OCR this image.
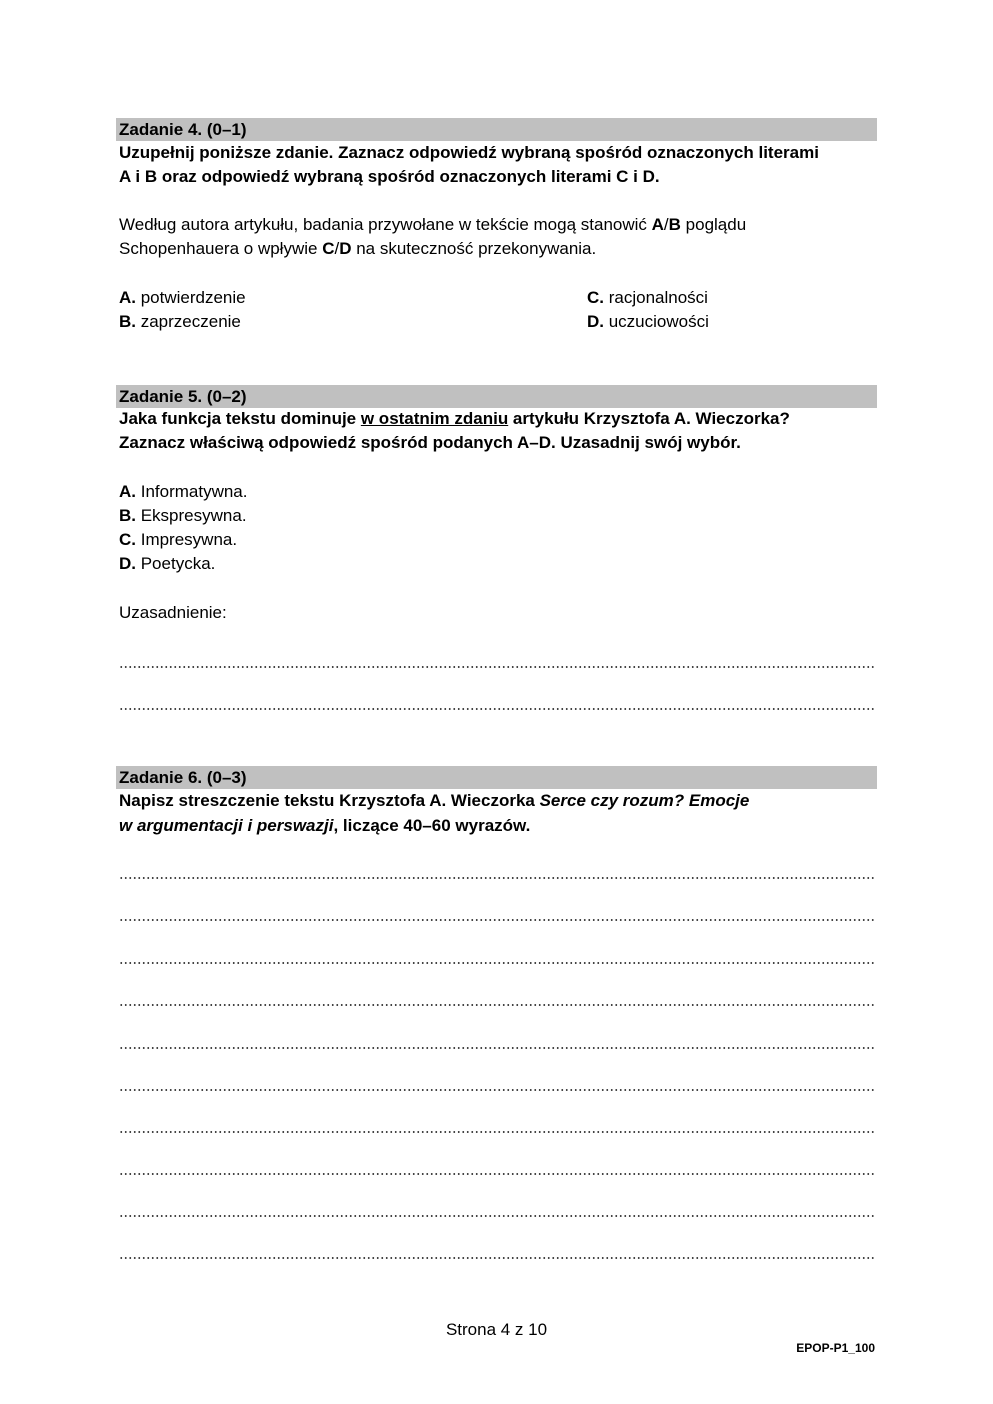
Zadanie 4. (0–1)
Uzupełnij poniższe zdanie. Zaznacz odpowiedź wybraną spośród oznaczonych literami
A i B oraz odpowiedź wybraną spośród oznaczonych literami C i D.
Według autora artykułu, badania przywołane w tekście mogą stanowić A/B poglądu
Schopenhauera o wpływie C/D na skuteczność przekonywania.
A. potwierdzenie
B. zaprzeczenie
C. racjonalności
D. uczuciowości
Zadanie 5. (0–2)
Jaka funkcja tekstu dominuje w ostatnim zdaniu artykułu Krzysztofa A. Wieczorka?
Zaznacz właściwą odpowiedź spośród podanych A–D. Uzasadnij swój wybór.
A. Informatywna.
B. Ekspresywna.
C. Impresywna.
D. Poetycka.
Uzasadnienie:
Zadanie 6. (0–3)
Napisz streszczenie tekstu Krzysztofa A. Wieczorka Serce czy rozum? Emocje
w argumentacji i perswazji, liczące 40–60 wyrazów.
Strona 4 z 10
EPOP-P1_100
